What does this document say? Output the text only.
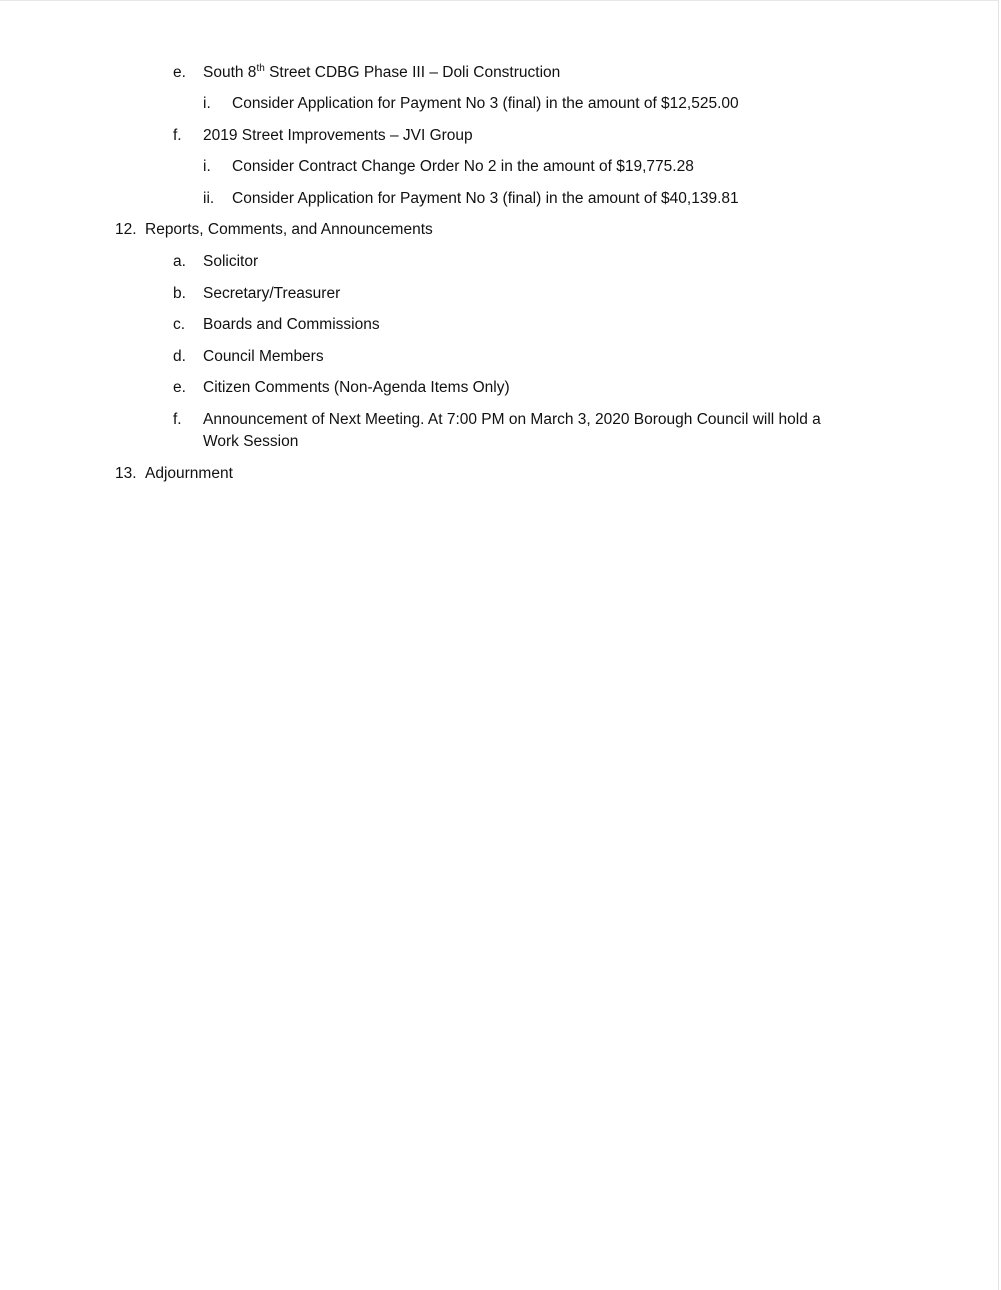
e. South 8th Street CDBG Phase III – Doli Construction
i. Consider Application for Payment No 3 (final) in the amount of $12,525.00
f. 2019 Street Improvements – JVI Group
i. Consider Contract Change Order No 2 in the amount of $19,775.28
ii. Consider Application for Payment No 3 (final) in the amount of $40,139.81
12. Reports, Comments, and Announcements
a. Solicitor
b. Secretary/Treasurer
c. Boards and Commissions
d. Council Members
e. Citizen Comments (Non-Agenda Items Only)
f. Announcement of Next Meeting. At 7:00 PM on March 3, 2020 Borough Council will hold a
Work Session
13. Adjournment
